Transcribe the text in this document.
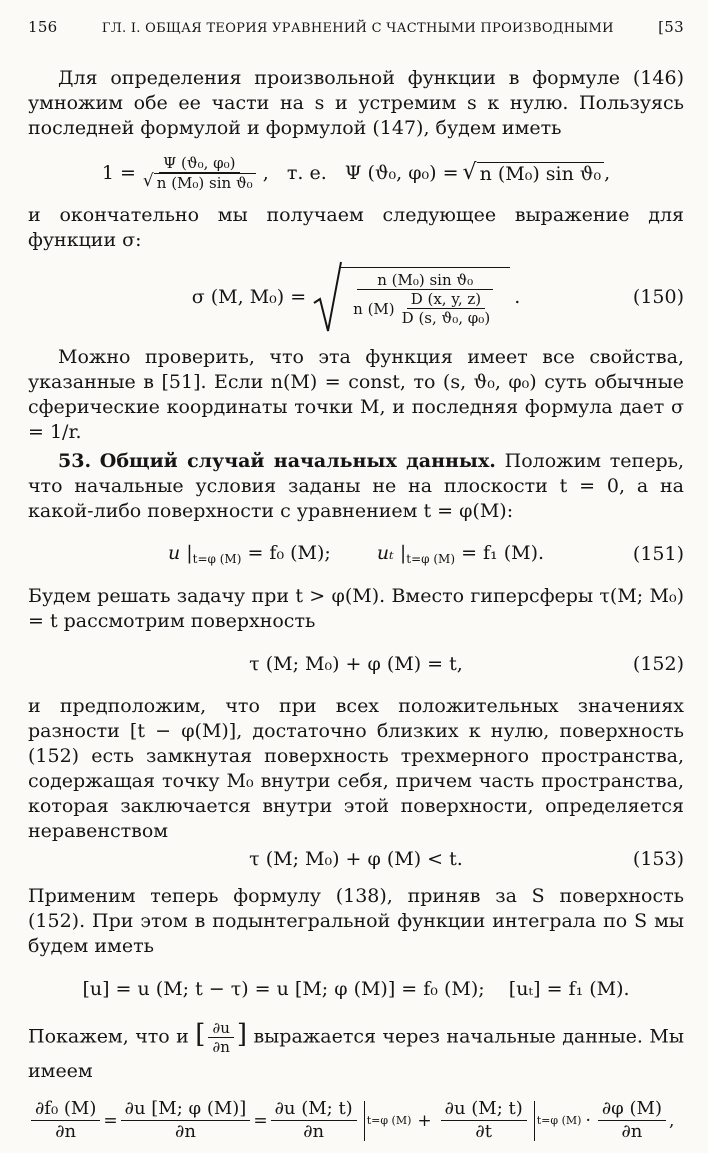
156	ГЛ. I. ОБЩАЯ ТЕОРИЯ УРАВНЕНИЙ С ЧАСТНЫМИ ПРОИЗВОДНЫМИ	[53

Для определения произвольной функции в формуле (146) умножим обе ее части на s и устремим s к нулю. Пользуясь последней формулой и формулой (147), будем иметь

$1 = \frac{\text{Ψ (ϑ₀, φ₀)}}{\text{√ n (M₀) sin ϑ₀}}$ ,   т. е.   Ψ (ϑ₀, φ₀) = √ n (M₀) sin ϑ₀ ,

и окончательно мы получаем следующее выражение для функции σ:

σ (M, M₀) =
n (M₀) sin ϑ₀
n $(M) \frac{D (x, y, z)}{\text{D (s, ϑ₀, φ₀)}}$ .	(150)

Можно проверить, что эта функция имеет все свойства, указанные в [51]. Если n(M) = const, то (s, ϑ₀, φ₀) суть обычные сферические координаты точки M, и последняя формула дает σ = 1/r.

53. Общий случай начальных данных. Положим теперь, что начальные условия заданы не на плоскости t = 0, а на какой-либо поверхности с уравнением t = φ(M):

u $|_{t=\varphi (M)} = f_0$ (M); uₜ $|_{t=\varphi (M)} = f_1$ (M).	(151)

Будем решать задачу при t > φ(M). Вместо гиперсферы τ(M; M₀) = t рассмотрим поверхность

τ (M; M₀) + φ (M) = t,	(152)

и предположим, что при всех положительных значениях разности [t − φ(M)], достаточно близких к нулю, поверхность (152) есть замкнутая поверхность трехмерного пространства, содержащая точку M₀ внутри себя, причем часть пространства, которая заключается внутри этой поверхности, определяется неравенством

τ (M; M₀) + φ (M) < t.	(153)

Применим теперь формулу (138), приняв за S поверхность (152). При этом в подынтегральной функции интеграла по S мы будем иметь

[u] = u (M; t − τ) = u [M; φ (M)] = f₀ (M);    [uₜ] = f₁ (M).

Покажем, что и [ $\frac{\partial u}{\partial n}$ ] выражается через начальные данные. Мы имеем

$\frac{\text{∂f₀ (M)}}{\partial n} = \frac{\partial u [M; \varphi (M)]}{\partial n} = \frac{\partial u (M; t)}{\partial n} t=\varphi$ $(M) + \frac{\partial u (M; t)}{\partial t} t=\varphi$ $(M) \cdot \frac{\partial\varphi (M)}{\partial n}$ ,
